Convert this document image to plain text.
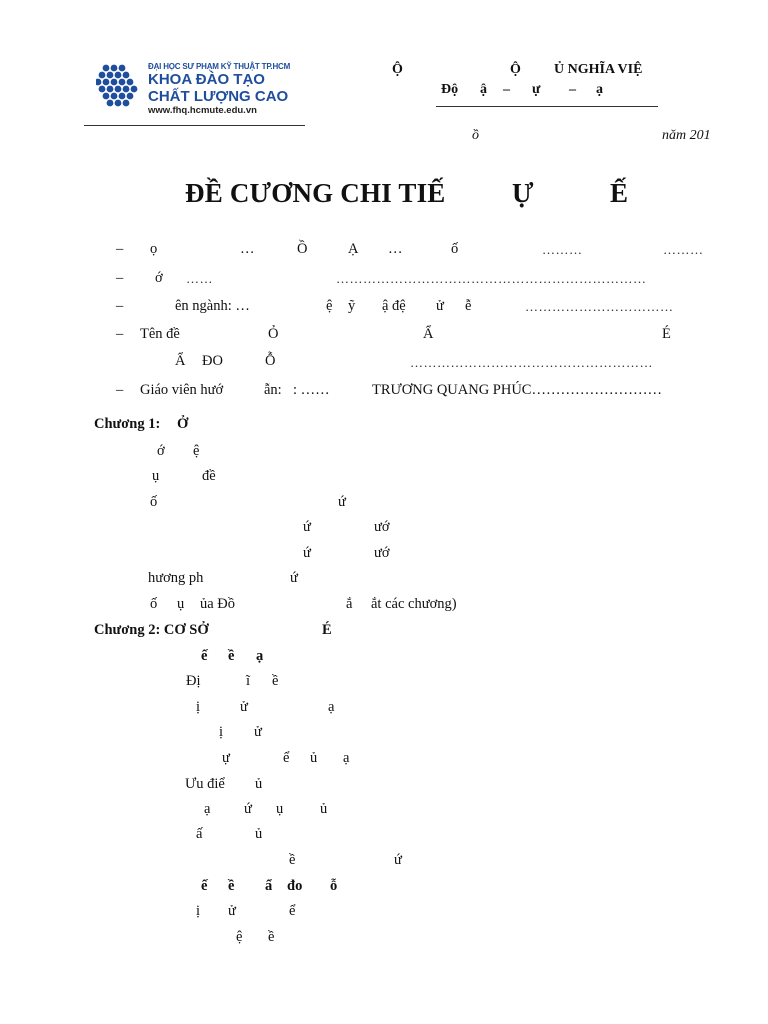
ĐẠI HỌC SƯ PHẠM KỸ THUẬT TP.HCM
KHOA ĐÀO TẠO
CHẤT LƯỢNG CAO
www.fhq.hcmute.edu.vn
Ộ	Ộ Ủ NGHĨA VIỆ
Độ ậ – ự – ạ
ồ	năm 201
ĐỀ CƯƠNG CHI TIẾ Ự	Ế
– ọ	…	Ồ	Ạ …	ố	………	………
– ớ ……	……………………………………………………………
–	ên ngành: …	ệ ỹ ậ đệ ử ễ	……………………………
– Tên đề	Ỏ	Ẩ	É
Ẩ ĐO	Ỗ	………………………………………………
– Giáo viên hướ	ẫn: : ……	TRƯƠNG QUANG PHÚC………………………
Chương 1: Ở
ớ ệ
ụ	đề
ố	ứ
ứ	ướ
ứ	ướ
hương ph	ứ
ố ụ ủa Đồ	ắ ắt các chương)
Chương 2: CƠ SỞ	É
ế ề ạ
Đị	ĩ ề
ị	ử	ạ
ị ử
ự	ể ủ ạ
Ưu điể ủ
ạ ứ ụ	ủ
ấ	ủ
ề	ứ
ế ề ẩ đo ỗ
ị ử	ể
ệ ề
